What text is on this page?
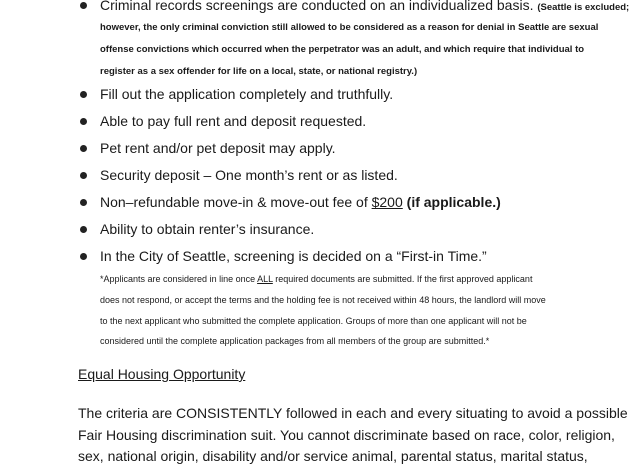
Criminal records screenings are conducted on an individualized basis. (Seattle is excluded;
however, the only criminal conviction still allowed to be considered as a reason for denial in Seattle are sexual
offense convictions which occurred when the perpetrator was an adult, and which require that individual to
register as a sex offender for life on a local, state, or national registry.)
Fill out the application completely and truthfully.
Able to pay full rent and deposit requested.
Pet rent and/or pet deposit may apply.
Security deposit – One month’s rent or as listed.
Non–refundable move-in & move-out fee of $200 (if applicable.)
Ability to obtain renter’s insurance.
In the City of Seattle, screening is decided on a “First-in Time.”
*Applicants are considered in line once ALL required documents are submitted. If the first approved applicant
does not respond, or accept the terms and the holding fee is not received within 48 hours, the landlord will move
to the next applicant who submitted the complete application. Groups of more than one applicant will not be
considered until the complete application packages from all members of the group are submitted.*
Equal Housing Opportunity
The criteria are CONSISTENTLY followed in each and every situating to avoid a possible
Fair Housing discrimination suit. You cannot discriminate based on race, color, religion,
sex, national origin, disability and/or service animal, parental status, marital status,
